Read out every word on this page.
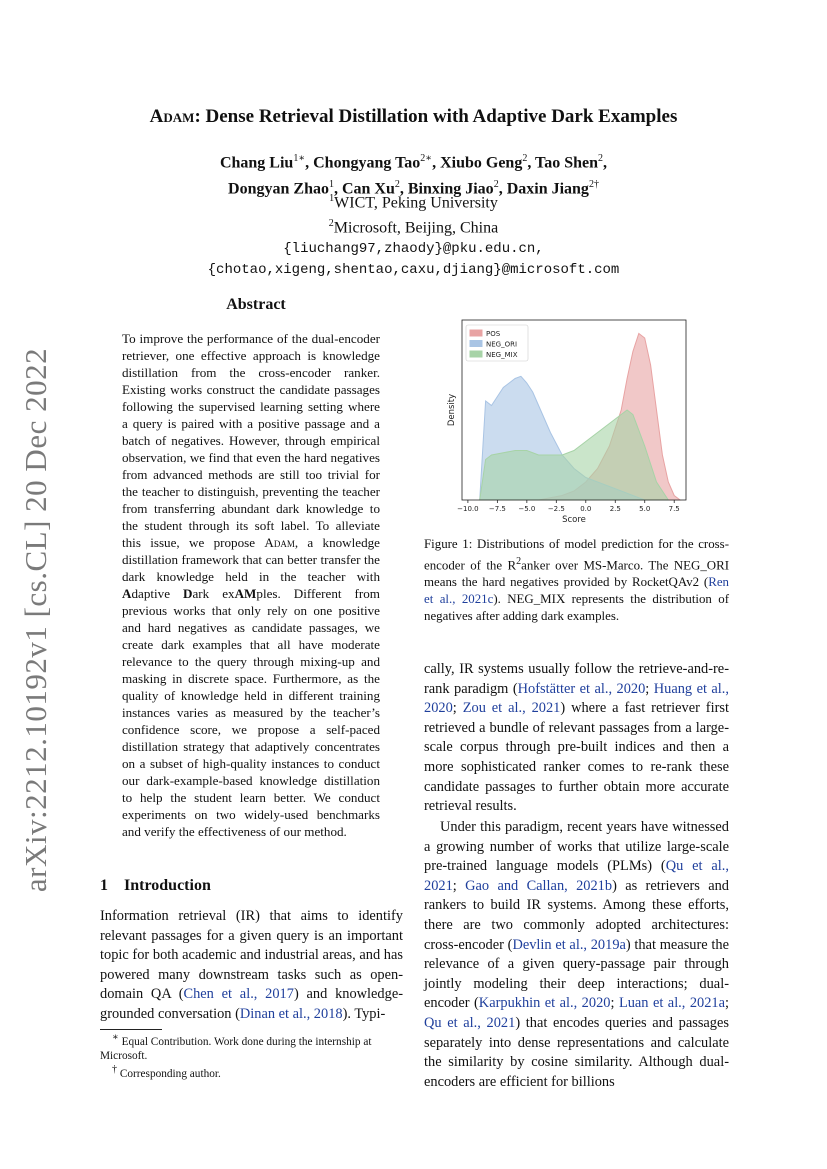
arXiv:2212.10192v1 [cs.CL] 20 Dec 2022
Adam: Dense Retrieval Distillation with Adaptive Dark Examples
Chang Liu$^{1∗}$, Chongyang Tao$^{2∗}$, Xiubo Geng$^2$, Tao Shen$^2$,
Dongyan Zhao$^1$, Can Xu$^2$, Binxing Jiao$^2$, Daxin Jiang$^{2\dagger}$
$^1$WICT, Peking University
$^2$Microsoft, Beijing, China
{liuchang97,zhaody}@pku.edu.cn,
{chotao,xigeng,shentao,caxu,djiang}@microsoft.com
Abstract
To improve the performance of the dual-encoder retriever, one effective approach is knowledge distillation from the cross-encoder ranker. Existing works construct the candidate passages following the supervised learning setting where a query is paired with a positive passage and a batch of negatives. However, through empirical observation, we find that even the hard negatives from advanced methods are still too trivial for the teacher to distinguish, preventing the teacher from transferring abundant dark knowledge to the student through its soft label. To alleviate this issue, we propose Adam, a knowledge distillation framework that can better transfer the dark knowledge held in the teacher with Adaptive Dark exAMples. Different from previous works that only rely on one positive and hard negatives as candidate passages, we create dark examples that all have moderate relevance to the query through mixing-up and masking in discrete space. Furthermore, as the quality of knowledge held in different training instances varies as measured by the teacher’s confidence score, we propose a self-paced distillation strategy that adaptively concentrates on a subset of high-quality instances to conduct our dark-example-based knowledge distillation to help the student learn better. We conduct experiments on two widely-used benchmarks and verify the effectiveness of our method.
1 Introduction
Information retrieval (IR) that aims to identify relevant passages for a given query is an important topic for both academic and industrial areas, and has powered many downstream tasks such as open-domain QA (Chen et al., 2017) and knowledge-grounded conversation (Dinan et al., 2018). Typi-
∗ Equal Contribution. Work done during the internship at Microsoft.
† Corresponding author.
−10.0 −7.5 −5.0 −2.5 0.0	2.5	5.0	7.5
Score
Density
POS
NEG_ORI
NEG_MIX
Figure 1: Distributions of model prediction for the cross-encoder of the $R^2anker$ over MS-Marco. The NEG_ORI means the hard negatives provided by RocketQAv2 (Ren et al., 2021c). NEG_MIX represents the distribution of negatives after adding dark examples.
cally, IR systems usually follow the retrieve-and-re-rank paradigm (Hofstätter et al., 2020; Huang et al., 2020; Zou et al., 2021) where a fast retriever first retrieved a bundle of relevant passages from a large-scale corpus through pre-built indices and then a more sophisticated ranker comes to re-rank these candidate passages to further obtain more accurate retrieval results.
Under this paradigm, recent years have witnessed a growing number of works that utilize large-scale pre-trained language models (PLMs) (Qu et al., 2021; Gao and Callan, 2021b) as retrievers and rankers to build IR systems. Among these efforts, there are two commonly adopted architectures: cross-encoder (Devlin et al., 2019a) that measure the relevance of a given query-passage pair through jointly modeling their deep interactions; dual-encoder (Karpukhin et al., 2020; Luan et al., 2021a; Qu et al., 2021) that encodes queries and passages separately into dense representations and calculate the similarity by cosine similarity. Although dual-encoders are efficient for billions
